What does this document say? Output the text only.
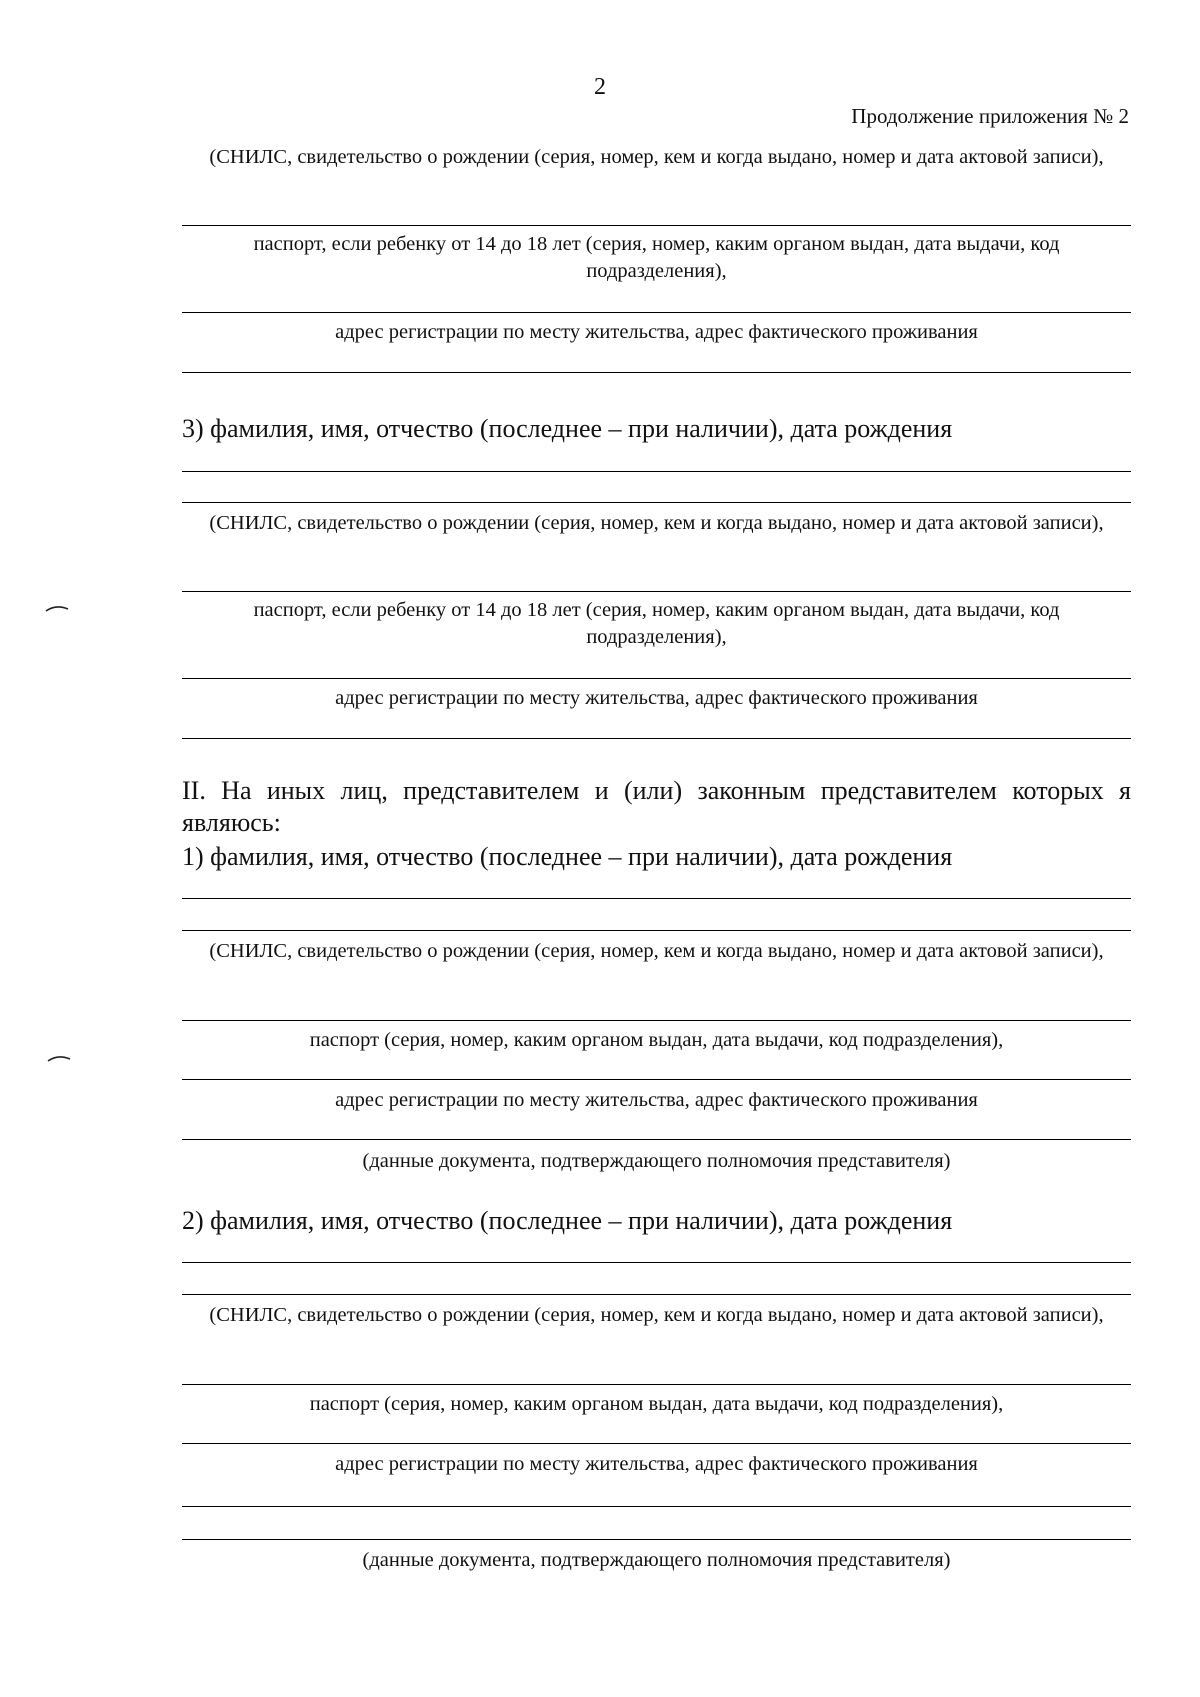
2
Продолжение приложения № 2
(СНИЛС, свидетельство о рождении (серия, номер, кем и когда выдано, номер и дата актовой записи),
паспорт, если ребенку от 14 до 18 лет (серия, номер, каким органом выдан, дата выдачи, код подразделения),
адрес регистрации по месту жительства, адрес фактического проживания
3) фамилия, имя, отчество (последнее – при наличии), дата рождения
(СНИЛС, свидетельство о рождении (серия, номер, кем и когда выдано, номер и дата актовой записи),
паспорт, если ребенку от 14 до 18 лет (серия, номер, каким органом выдан, дата выдачи, код подразделения),
адрес регистрации по месту жительства, адрес фактического проживания
II. На иных лиц, представителем и (или) законным представителем которых я являюсь:
1) фамилия, имя, отчество (последнее – при наличии), дата рождения
(СНИЛС, свидетельство о рождении (серия, номер, кем и когда выдано, номер и дата актовой записи),
паспорт (серия, номер, каким органом выдан, дата выдачи, код подразделения),
адрес регистрации по месту жительства, адрес фактического проживания
(данные документа, подтверждающего полномочия представителя)
2) фамилия, имя, отчество (последнее – при наличии), дата рождения
(СНИЛС, свидетельство о рождении (серия, номер, кем и когда выдано, номер и дата актовой записи),
паспорт (серия, номер, каким органом выдан, дата выдачи, код подразделения),
адрес регистрации по месту жительства, адрес фактического проживания
(данные документа, подтверждающего полномочия представителя)
